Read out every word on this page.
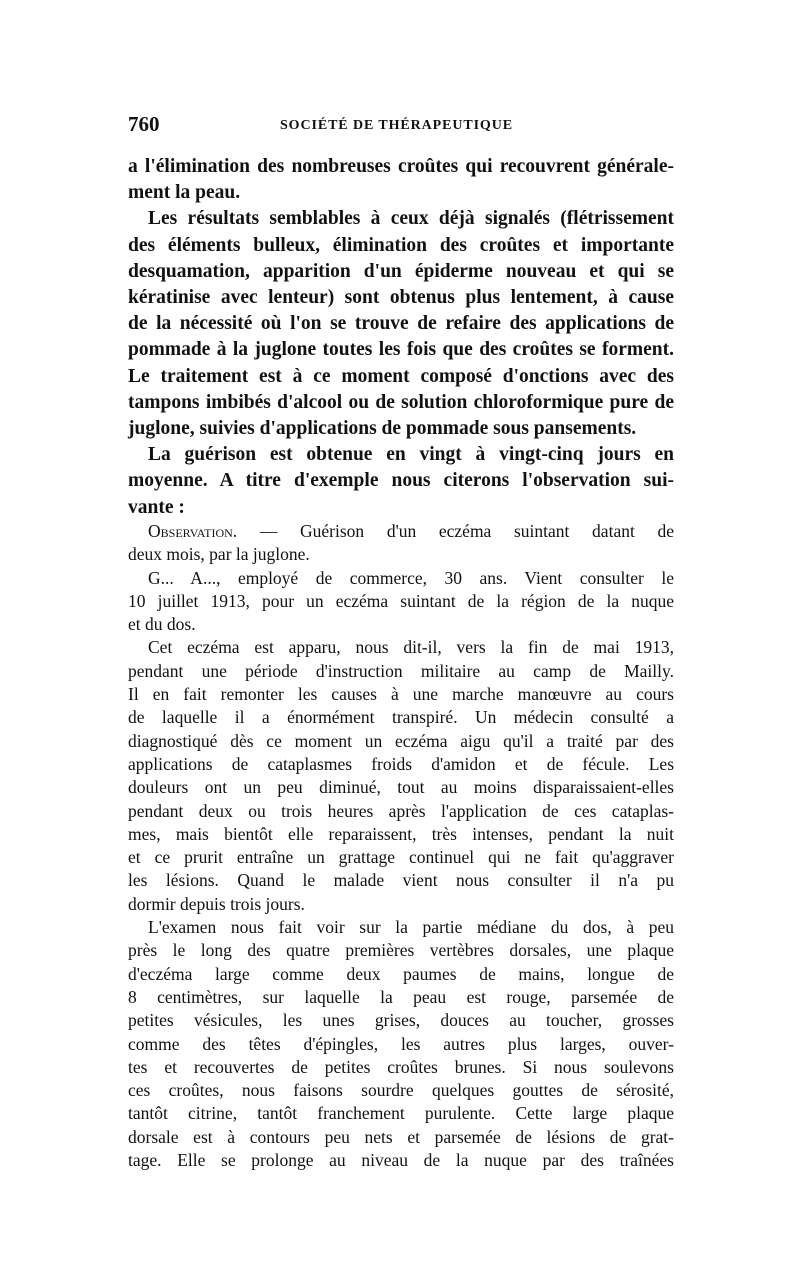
760	SOCIÉTÉ DE THÉRAPEUTIQUE
a l'élimination des nombreuses croûtes qui recouvrent générale-
ment la peau.
Les résultats semblables à ceux déjà signalés (flétrissement
des éléments bulleux, élimination des croûtes et importante
desquamation, apparition d'un épiderme nouveau et qui se
kératinise avec lenteur) sont obtenus plus lentement, à cause
de la nécessité où l'on se trouve de refaire des applications de
pommade à la juglone toutes les fois que des croûtes se forment.
Le traitement est à ce moment composé d'onctions avec des
tampons imbibés d'alcool ou de solution chloroformique pure de
juglone, suivies d'applications de pommade sous pansements.
La guérison est obtenue en vingt à vingt-cinq jours en
moyenne. A titre d'exemple nous citerons l'observation sui-
vante :
Observation. — Guérison d'un eczéma suintant datant de
deux mois, par la juglone.
G... A..., employé de commerce, 30 ans. Vient consulter le
10 juillet 1913, pour un eczéma suintant de la région de la nuque
et du dos.
Cet eczéma est apparu, nous dit-il, vers la fin de mai 1913,
pendant une période d'instruction militaire au camp de Mailly.
Il en fait remonter les causes à une marche manœuvre au cours
de laquelle il a énormément transpiré. Un médecin consulté a
diagnostiqué dès ce moment un eczéma aigu qu'il a traité par des
applications de cataplasmes froids d'amidon et de fécule. Les
douleurs ont un peu diminué, tout au moins disparaissaient-elles
pendant deux ou trois heures après l'application de ces cataplas-
mes, mais bientôt elle reparaissent, très intenses, pendant la nuit
et ce prurit entraîne un grattage continuel qui ne fait qu'aggraver
les lésions. Quand le malade vient nous consulter il n'a pu
dormir depuis trois jours.
L'examen nous fait voir sur la partie médiane du dos, à peu
près le long des quatre premières vertèbres dorsales, une plaque
d'eczéma large comme deux paumes de mains, longue de
8 centimètres, sur laquelle la peau est rouge, parsemée de
petites vésicules, les unes grises, douces au toucher, grosses
comme des têtes d'épingles, les autres plus larges, ouver-
tes et recouvertes de petites croûtes brunes. Si nous soulevons
ces croûtes, nous faisons sourdre quelques gouttes de sérosité,
tantôt citrine, tantôt franchement purulente. Cette large plaque
dorsale est à contours peu nets et parsemée de lésions de grat-
tage. Elle se prolonge au niveau de la nuque par des traînées
